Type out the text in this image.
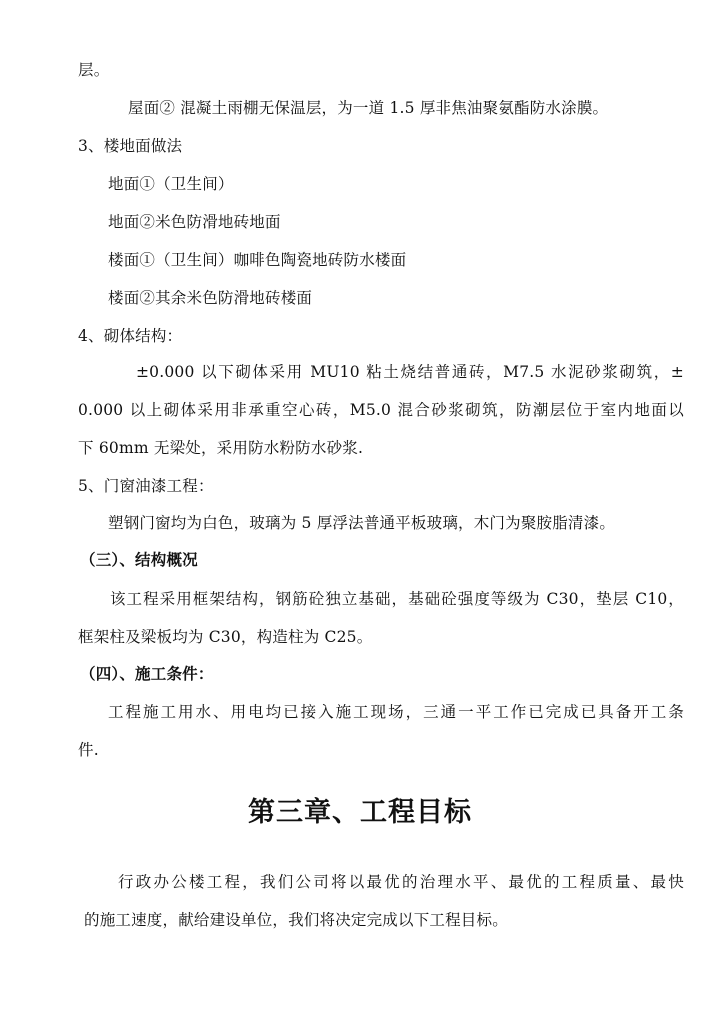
层。
屋面② 混凝土雨棚无保温层，为一道 1.5 厚非焦油聚氨酯防水涂膜。
3、楼地面做法
地面①（卫生间）
地面②米色防滑地砖地面
楼面①（卫生间）咖啡色陶瓷地砖防水楼面
楼面②其余米色防滑地砖楼面
4、砌体结构：
±0.000 以下砌体采用 MU10 粘土烧结普通砖，M7.5 水泥砂浆砌筑，±
0.000 以上砌体采用非承重空心砖，M5.0 混合砂浆砌筑，防潮层位于室内地面以
下 60mm 无梁处，采用防水粉防水砂浆.
5、门窗油漆工程：
塑钢门窗均为白色，玻璃为 5 厚浮法普通平板玻璃，木门为聚胺脂清漆。
（三）、结构概况
该工程采用框架结构，钢筋砼独立基础，基础砼强度等级为 C30，垫层 C10，
框架柱及梁板均为 C30，构造柱为 C25。
（四）、施工条件：
工程施工用水、用电均已接入施工现场，三通一平工作已完成已具备开工条
件.
第三章、工程目标
行政办公楼工程，我们公司将以最优的治理水平、最优的工程质量、最快
的施工速度，献给建设单位，我们将决定完成以下工程目标。
